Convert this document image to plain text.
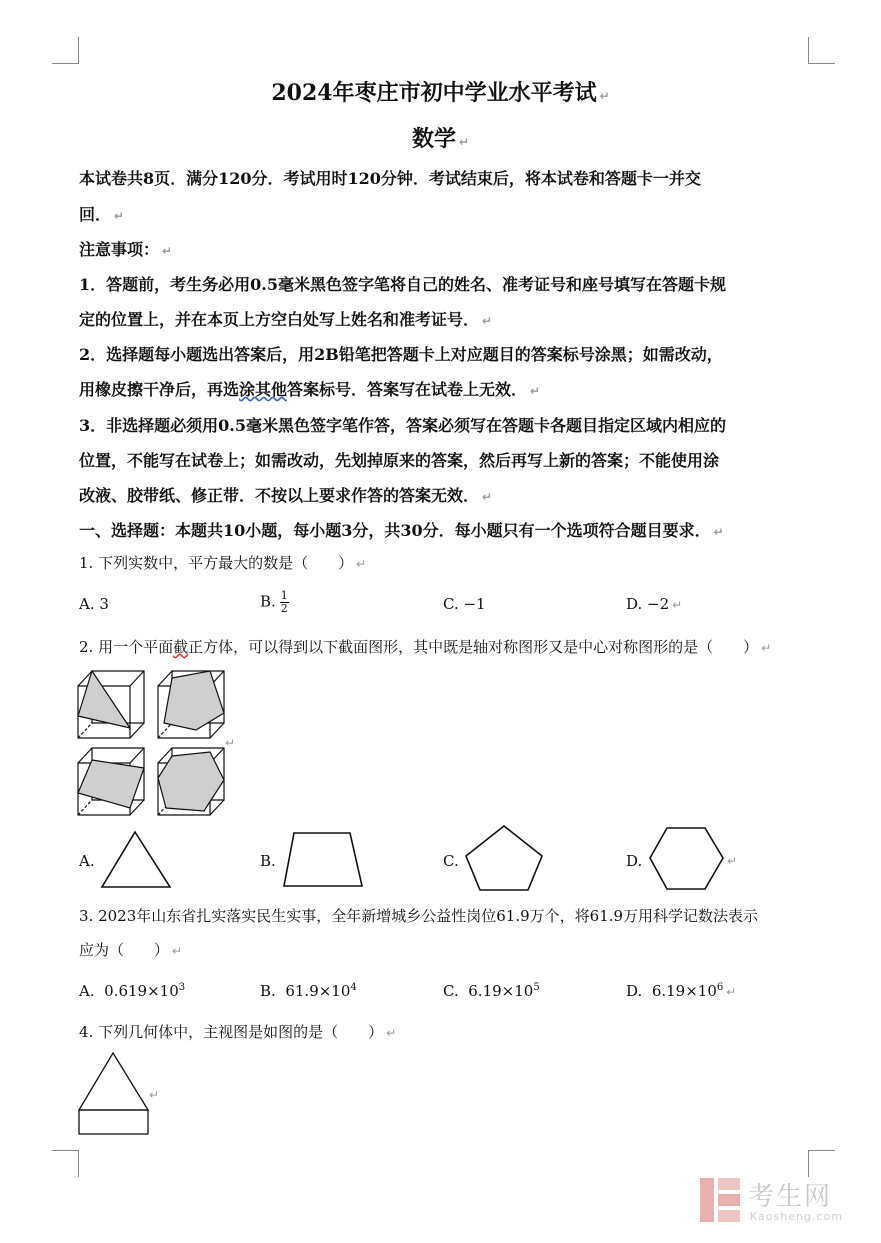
2024年枣庄市初中学业水平考试 ↵
数学 ↵
本试卷共8页．满分120分．考试用时120分钟．考试结束后，将本试卷和答题卡一并交
回． ↵
注意事项： ↵
1．答题前，考生务必用0.5毫米黑色签字笔将自己的姓名、准考证号和座号填写在答题卡规
定的位置上，并在本页上方空白处写上姓名和准考证号． ↵
2．选择题每小题选出答案后，用2B铅笔把答题卡上对应题目的答案标号涂黑；如需改动，
用橡皮擦干净后，再选涂其他答案标号．答案写在试卷上无效． ↵
3．非选择题必须用0.5毫米黑色签字笔作答，答案必须写在答题卡各题目指定区域内相应的
位置，不能写在试卷上；如需改动，先划掉原来的答案，然后再写上新的答案；不能使用涂
改液、胶带纸、修正带．不按以上要求作答的答案无效． ↵
一、选择题：本题共10小题，每小题3分，共30分．每小题只有一个选项符合题目要求． ↵
1. 下列实数中，平方最大的数是（　　） ↵
A. 3	B. $\frac{1}{2}$	C. −1	D. −2 ↵
2. 用一个平面截正方体，可以得到以下截面图形，其中既是轴对称图形又是中心对称图形的是（　　） ↵
↵
A.	B.	C.	D.	↵
3. 2023年山东省扎实落实民生实事，全年新增城乡公益性岗位61.9万个，将61.9万用科学记数法表示
应为（　　） ↵
A. $0.619\times 10^3$	B. $61.9\times 10^4$	C. $6.19\times 10^5$	D. $6.19\times 10^6$ ↵
4. 下列几何体中，主视图是如图的是（　　） ↵
↵
考生网
Kaosheng.com
